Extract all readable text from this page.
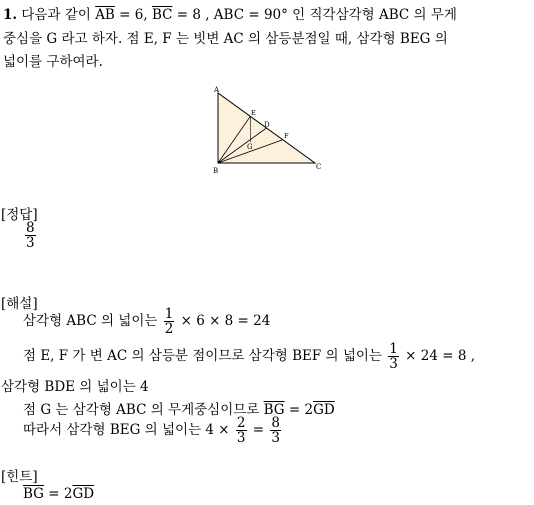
1. 다음과 같이 $\overline{AB} = 6$, $\overline{BC} = 8$ , ABC = 90° 인 직각삼각형 ABC 의 무게
중심을 G 라고 하자. 점 E, F 는 빗변 AC 의 삼등분점일 때, 삼각형 BEG 의
넓이를 구하여라.
A
B	C
D
E
F
G
[정답]
$\frac{8}{3}$
[해설]
삼각형 ABC 의 넓이는 $\frac{1}{2} \times 6 \times 8 = 24$
점 E, F 가 변 AC 의 삼등분 점이므로 삼각형 BEF 의 넓이는 $\frac{1}{3} \times 24 = 8$ ,
삼각형 BDE 의 넓이는 4
점 G 는 삼각형 ABC 의 무게중심이므로 $\overline{BG} = 2\overline{GD}$
따라서 삼각형 BEG 의 넓이는 $4 \times \frac{2}{3} = \frac{8}{3}$
[힌트]
$\overline{BG} = 2\overline{GD}$
